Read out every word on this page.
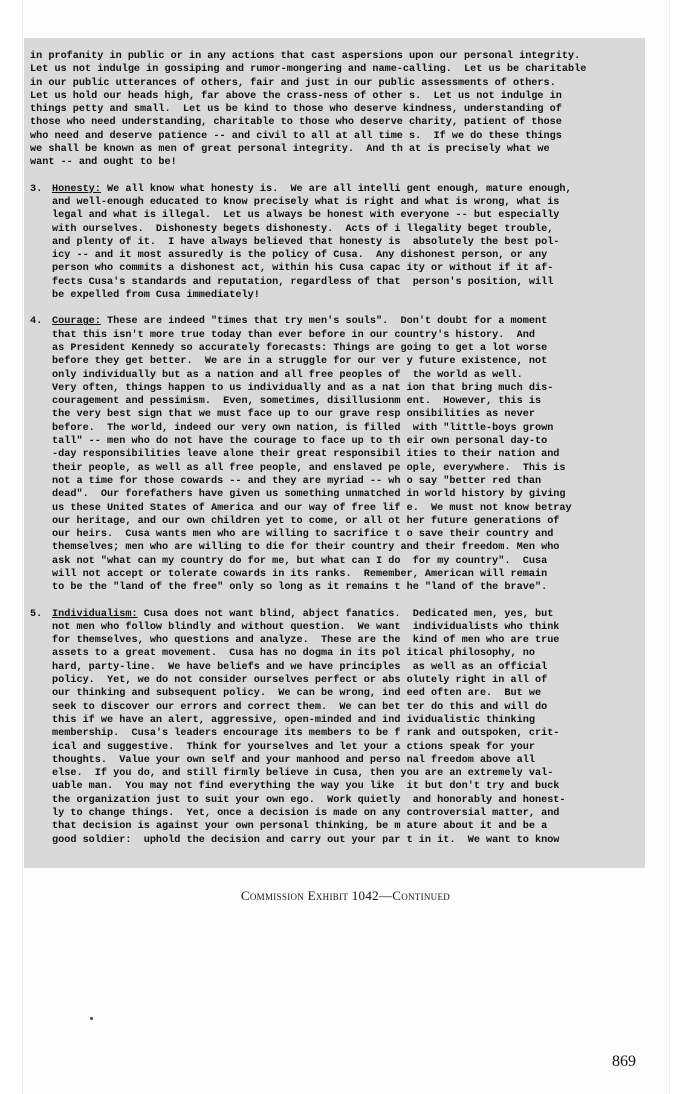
in profanity in public or in any actions that cast aspersions upon our personal integrity.
Let us not indulge in gossiping and rumor-mongering and name-calling.  Let us be charitable
in our public utterances of others, fair and just in our public assessments of others.
Let us hold our heads high, far above the crass-ness of other s.  Let us not indulge in
things petty and small.  Let us be kind to those who deserve kindness, understanding of
those who need understanding, charitable to those who deserve charity, patient of those
who need and deserve patience -- and civil to all at all time s.  If we do these things
we shall be known as men of great personal integrity.  And th at is precisely what we
want -- and ought to be!
3. Honesty: We all know what honesty is.  We are all intelli gent enough, mature enough,
and well-enough educated to know precisely what is right and what is wrong, what is
legal and what is illegal.  Let us always be honest with everyone -- but especially
with ourselves.  Dishonesty begets dishonesty.  Acts of i llegality beget trouble,
and plenty of it.  I have always believed that honesty is  absolutely the best pol-
icy -- and it most assuredly is the policy of Cusa.  Any dishonest person, or any
person who commits a dishonest act, within his Cusa capac ity or without if it af-
fects Cusa's standards and reputation, regardless of that  person's position, will
be expelled from Cusa immediately!
4. Courage: These are indeed "times that try men's souls".  Don't doubt for a moment
that this isn't more true today than ever before in our country's history.  And
as President Kennedy so accurately forecasts: Things are going to get a lot worse
before they get better.  We are in a struggle for our ver y future existence, not
only individually but as a nation and all free peoples of  the world as well.
Very often, things happen to us individually and as a nat ion that bring much dis-
couragement and pessimism.  Even, sometimes, disillusionm ent.  However, this is
the very best sign that we must face up to our grave resp onsibilities as never
before.  The world, indeed our very own nation, is filled  with "little-boys grown
tall" -- men who do not have the courage to face up to th eir own personal day-to
-day responsibilities leave alone their great responsibil ities to their nation and
their people, as well as all free people, and enslaved pe ople, everywhere.  This is
not a time for those cowards -- and they are myriad -- wh o say "better red than
dead".  Our forefathers have given us something unmatched in world history by giving
us these United States of America and our way of free lif e.  We must not know betray
our heritage, and our own children yet to come, or all ot her future generations of
our heirs.  Cusa wants men who are willing to sacrifice t o save their country and
themselves; men who are willing to die for their country and their freedom. Men who
ask not "what can my country do for me, but what can I do  for my country".  Cusa
will not accept or tolerate cowards in its ranks.  Remember, American will remain
to be the "land of the free" only so long as it remains t he "land of the brave".
5. Individualism: Cusa does not want blind, abject fanatics.  Dedicated men, yes, but
not men who follow blindly and without question.  We want  individualists who think
for themselves, who questions and analyze.  These are the  kind of men who are true
assets to a great movement.  Cusa has no dogma in its pol itical philosophy, no
hard, party-line.  We have beliefs and we have principles  as well as an official
policy.  Yet, we do not consider ourselves perfect or abs olutely right in all of
our thinking and subsequent policy.  We can be wrong, ind eed often are.  But we
seek to discover our errors and correct them.  We can bet ter do this and will do
this if we have an alert, aggressive, open-minded and ind ividualistic thinking
membership.  Cusa's leaders encourage its members to be f rank and outspoken, crit-
ical and suggestive.  Think for yourselves and let your a ctions speak for your
thoughts.  Value your own self and your manhood and perso nal freedom above all
else.  If you do, and still firmly believe in Cusa, then you are an extremely val-
uable man.  You may not find everything the way you like  it but don't try and buck
the organization just to suit your own ego.  Work quietly  and honorably and honest-
ly to change things.  Yet, once a decision is made on any controversial matter, and
that decision is against your own personal thinking, be m ature about it and be a
good soldier:  uphold the decision and carry out your par t in it.  We want to know
Commission Exhibit 1042—Continued
869
